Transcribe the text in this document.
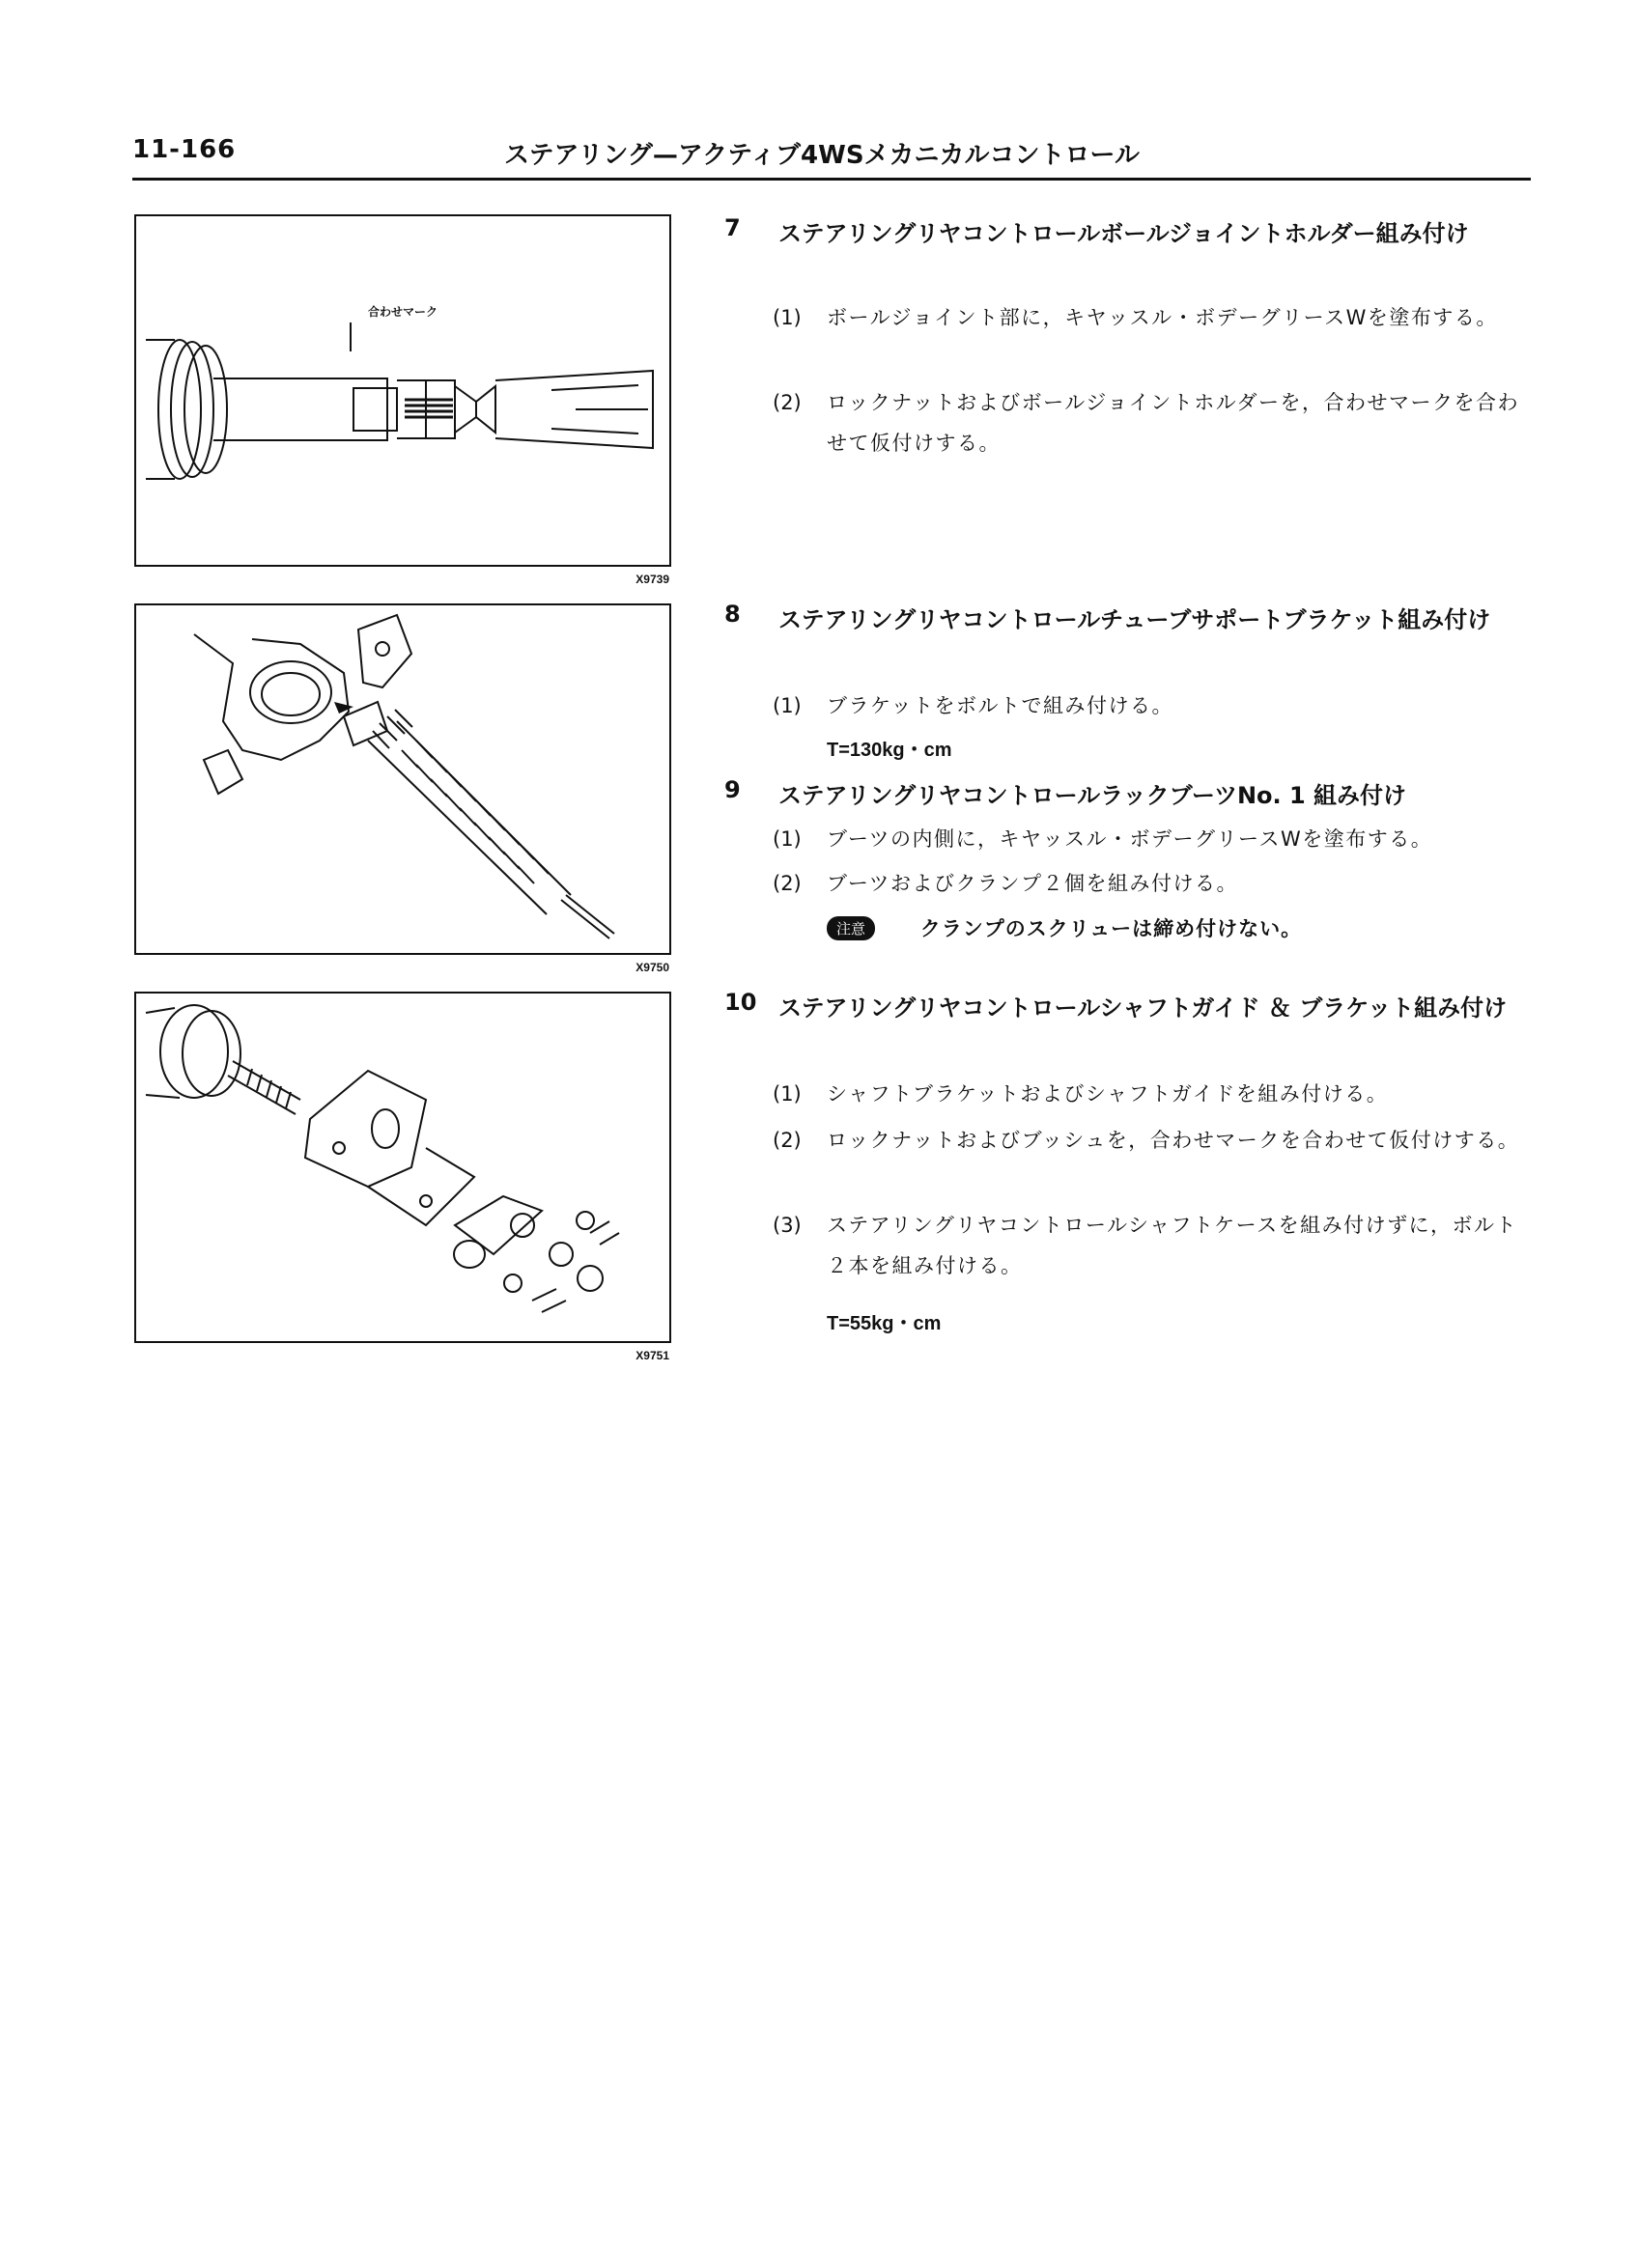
11-166	ステアリング—アクティブ4WSメカニカルコントロール
合わせマーク
X9739
X9750
X9751
7	ステアリングリヤコントロールボールジョイントホルダー組み付け
(1) ボールジョイント部に，キヤッスル・ボデーグリースWを塗布する。
(2) ロックナットおよびボールジョイントホルダーを，合わせマークを合わせて仮付けする。
8	ステアリングリヤコントロールチューブサポートブラケット組み付け
(1) ブラケットをボルトで組み付ける。
T=130kg・cm
9	ステアリングリヤコントロールラックブーツNo. 1 組み付け
(1) ブーツの内側に，キヤッスル・ボデーグリースWを塗布する。
(2) ブーツおよびクランプ２個を組み付ける。
注意	クランプのスクリューは締め付けない。
10 ステアリングリヤコントロールシャフトガイド ＆ ブラケット組み付け
(1) シャフトブラケットおよびシャフトガイドを組み付ける。
(2) ロックナットおよびブッシュを，合わせマークを合わせて仮付けする。
(3) ステアリングリヤコントロールシャフトケースを組み付けずに，ボルト２本を組み付ける。
T=55kg・cm
